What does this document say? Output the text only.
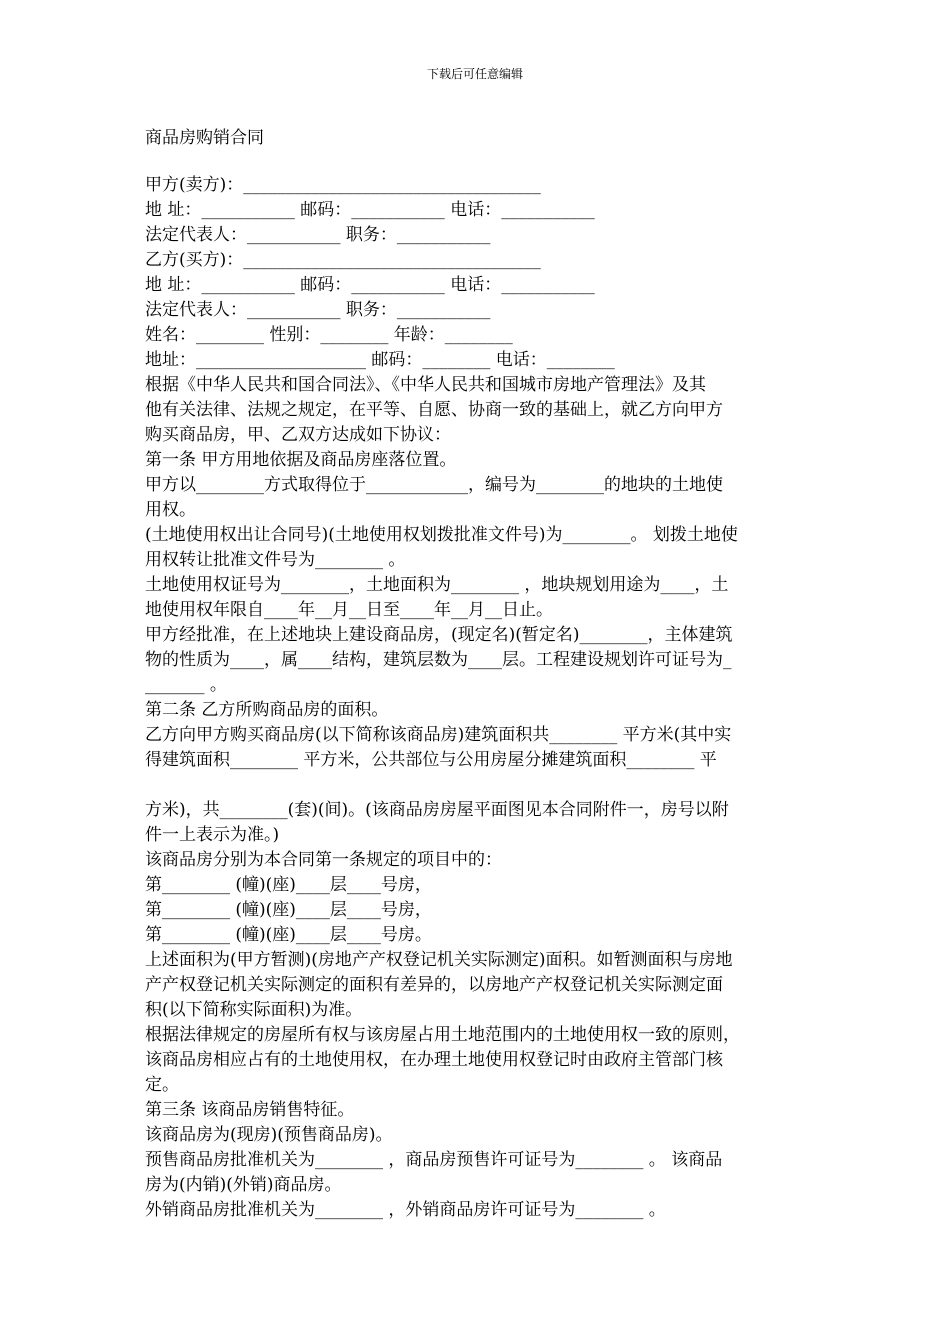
下载后可任意编辑
商品房购销合同
甲方(卖方)：___________________________________
地 址：___________ 邮码：___________ 电话：___________
法定代表人：___________ 职务：___________
乙方(买方)：___________________________________
地 址：___________ 邮码：___________ 电话：___________
法定代表人：___________ 职务：___________
姓名：________ 性别：________ 年龄：________
地址：____________________ 邮码：________ 电话：________
根据《中华人民共和国合同法》、《中华人民共和国城市房地产管理法》及其
他有关法律、法规之规定，在平等、自愿、协商一致的基础上，就乙方向甲方
购买商品房，甲、乙双方达成如下协议：
第一条 甲方用地依据及商品房座落位置。
甲方以________方式取得位于____________，编号为________的地块的土地使
用权。
(土地使用权出让合同号)(土地使用权划拨批准文件号)为________。 划拨土地使
用权转让批准文件号为________ 。
土地使用权证号为________，土地面积为________ ，地块规划用途为____，土
地使用权年限自____年__月__日至____年__月__日止。
甲方经批准，在上述地块上建设商品房，(现定名)(暂定名)________，主体建筑
物的性质为____，属____结构，建筑层数为____层。工程建设规划许可证号为_
_______ 。
第二条 乙方所购商品房的面积。
乙方向甲方购买商品房(以下简称该商品房)建筑面积共________ 平方米(其中实
得建筑面积________ 平方米，公共部位与公用房屋分摊建筑面积________ 平
方米)，共________(套)(间)。(该商品房房屋平面图见本合同附件一，房号以附
件一上表示为准。)
该商品房分别为本合同第一条规定的项目中的：
第________ (幢)(座)____层____号房，
第________ (幢)(座)____层____号房，
第________ (幢)(座)____层____号房。
上述面积为(甲方暂测)(房地产产权登记机关实际测定)面积。如暂测面积与房地
产产权登记机关实际测定的面积有差异的，以房地产产权登记机关实际测定面
积(以下简称实际面积)为准。
根据法律规定的房屋所有权与该房屋占用土地范围内的土地使用权一致的原则，
该商品房相应占有的土地使用权，在办理土地使用权登记时由政府主管部门核
定。
第三条 该商品房销售特征。
该商品房为(现房)(预售商品房)。
预售商品房批准机关为________ ，商品房预售许可证号为________ 。 该商品
房为(内销)(外销)商品房。
外销商品房批准机关为________ ，外销商品房许可证号为________ 。
